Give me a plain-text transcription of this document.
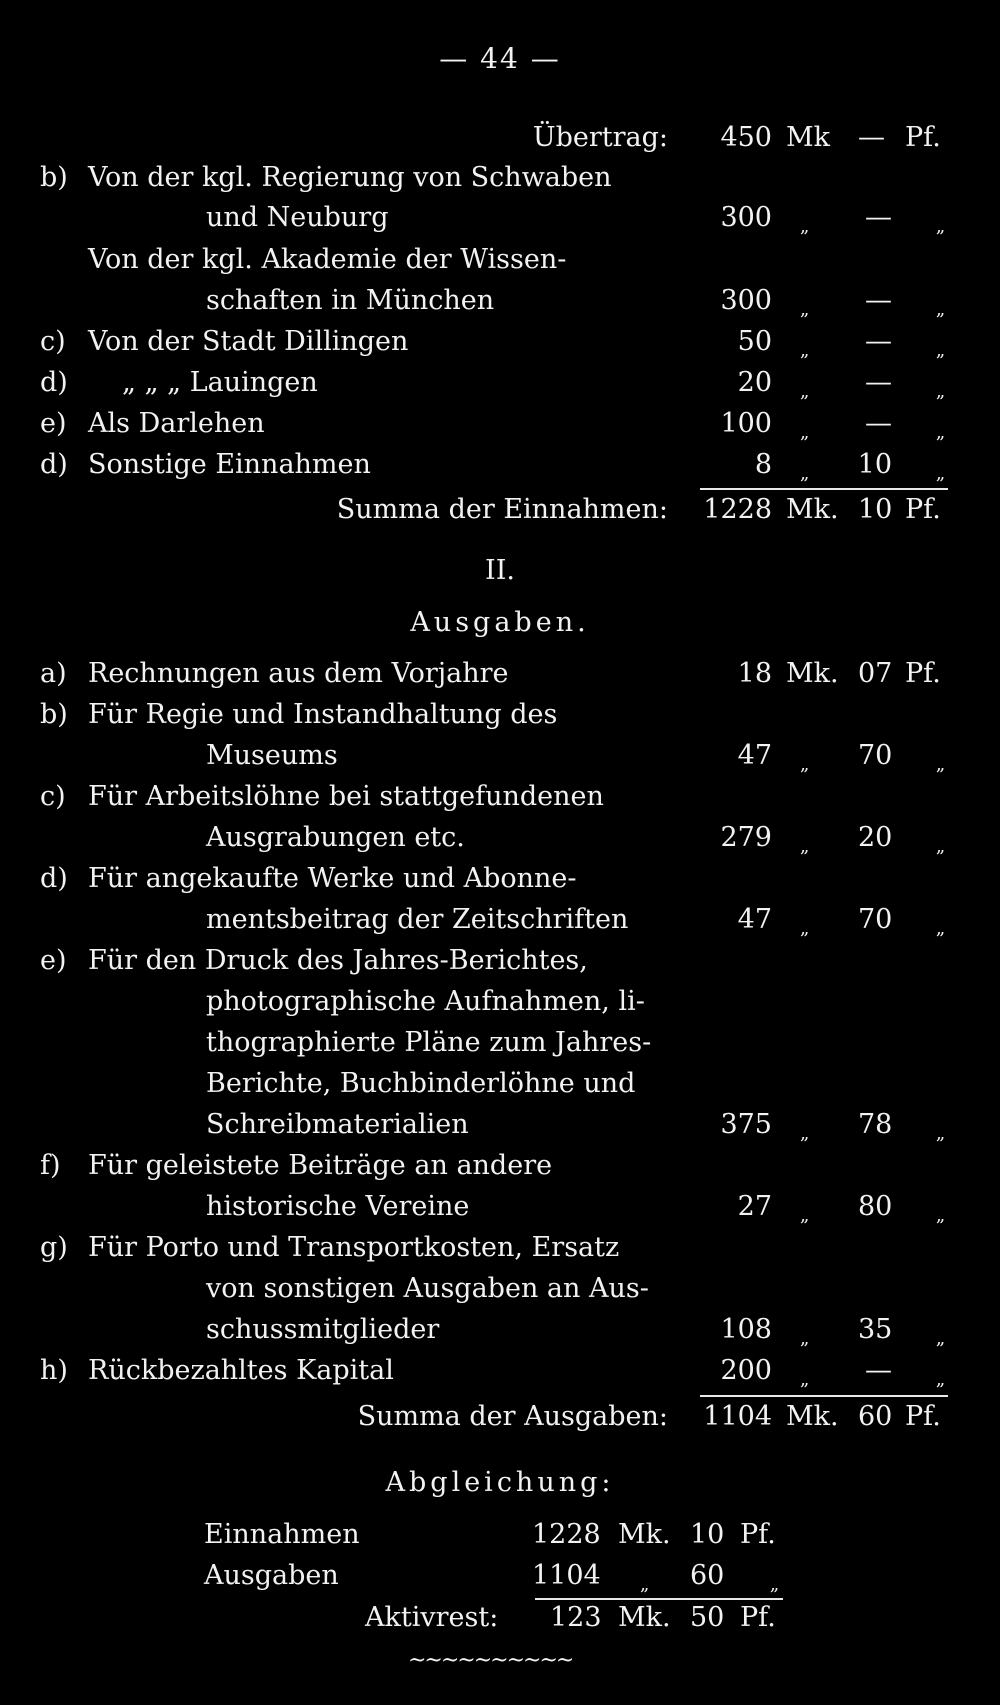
— 44 —
Übertrag:	450 Mk — Pf.
b) Von der kgl. Regierung von Schwaben
und Neuburg	300 $_„$	— $_„$
Von der kgl. Akademie der Wissen-
schaften in München	300 $_„$	— $_„$
c) Von der Stadt Dillingen	50 $_„$	— $_„$
d)	„ „ „ Lauingen	20 $_„$	— $_„$
e) Als Darlehen	100 $_„$	— $_„$
d) Sonstige Einnahmen	8 $_„$	10 $_„$
Summa der Einnahmen:	1228 Mk. 10 Pf.
II.
Ausgaben.
a) Rechnungen aus dem Vorjahre	18 Mk. 07 Pf.
b) Für Regie und Instandhaltung des
Museums	47 $_„$ 70 $_„$
c) Für Arbeitslöhne bei stattgefundenen
Ausgrabungen etc.	279 $_„$ 20 $_„$
d) Für angekaufte Werke und Abonne-
mentsbeitrag der Zeitschriften	47 $_„$ 70 $_„$
e) Für den Druck des Jahres-Berichtes,
photographische Aufnahmen, li-
thographierte Pläne zum Jahres-
Berichte, Buchbinderlöhne und
Schreibmaterialien	375 $_„$ 78 $_„$
f)	Für geleistete Beiträge an andere
historische Vereine	27 $_„$ 80 $_„$
g) Für Porto und Transportkosten, Ersatz
von sonstigen Ausgaben an Aus-
schussmitglieder	108 $_„$ 35 $_„$
h) Rückbezahltes Kapital	200 $_„$	— $_„$
Summa der Ausgaben:	1104 Mk. 60 Pf.
Abgleichung:
Einnahmen	1228 Mk. 10 Pf.
Ausgaben	1104 $_„$ 60	$_„$
Aktivrest: 123 Mk. 50 Pf.
~~~~~~~~~~
